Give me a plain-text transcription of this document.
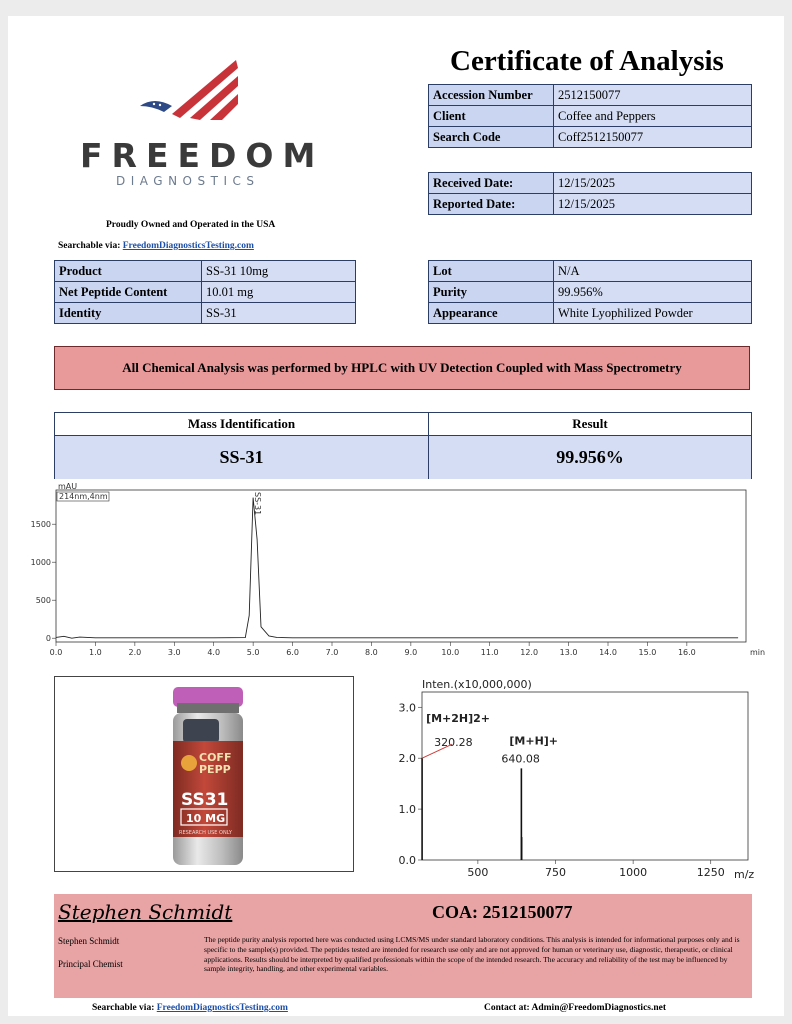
FREEDOM
DIAGNOSTICS
Proudly Owned and Operated in the USA
Searchable via: FreedomDiagnosticsTesting.com
Certificate of Analysis
Accession Number	2512150077
Client	Coffee and Peppers
Search Code	Coff2512150077
Received Date:	12/15/2025
Reported Date:	12/15/2025
Product	SS-31 10mg
Net Peptide Content	10.01 mg
Identity	SS-31
Lot	N/A
Purity	99.956%
Appearance	White Lyophilized Powder
All Chemical Analysis was performed by HPLC with UV Detection Coupled with Mass Spectrometry
Mass Identification	Result
SS-31	99.956%
mAU
214nm,4nm
0.0	1.0	2.0	3.0	4.0	5.0	6.0	7.0	8.0	9.0	10.0	11.0	12.0	13.0	14.0	15.0	16.0	min
0
500
1000
1500
SS-31
COFF
PEPP
SS31
10 MG
RESEARCH USE ONLY
Inten.(x10,000,000)
0.0
1.0
2.0
3.0
500	750	1000	1250 m/z
320.28
[M+2H]2+
640.08
[M+H]+
Stephen Schmidt	COA: 2512150077
Stephen Schmidt
Principal Chemist
The peptide purity analysis reported here was conducted using LCMS/MS under standard laboratory conditions. This analysis is intended for informational purposes only and is specific to the sample(s) provided. The peptides tested are intended for research use only and are not approved for human or veterinary use, diagnostic, therapeutic, or clinical applications. Results should be interpreted by qualified professionals within the scope of the intended research. The accuracy and reliability of the test may be influenced by sample integrity, handling, and other experimental variables.
Searchable via: FreedomDiagnosticsTesting.com	Contact at: Admin@FreedomDiagnostics.net
